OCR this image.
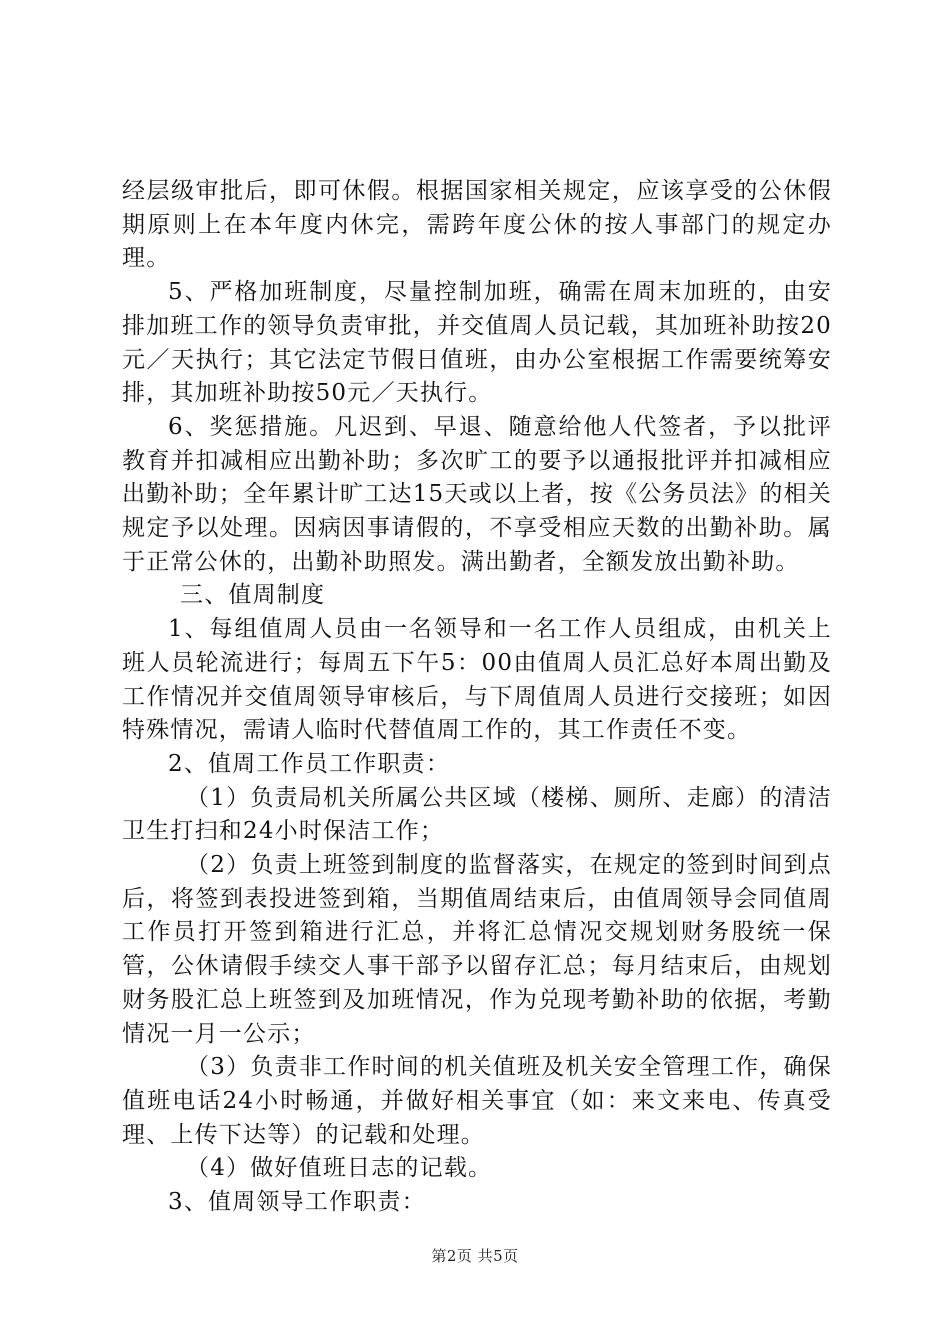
经层级审批后，即可休假。根据国家相关规定，应该享受的公休假期原则上在本年度内休完，需跨年度公休的按人事部门的规定办理。

5、严格加班制度，尽量控制加班，确需在周末加班的，由安排加班工作的领导负责审批，并交值周人员记载，其加班补助按20元／天执行；其它法定节假日值班，由办公室根据工作需要统筹安排，其加班补助按50元／天执行。

6、奖惩措施。凡迟到、早退、随意给他人代签者，予以批评教育并扣减相应出勤补助；多次旷工的要予以通报批评并扣减相应出勤补助；全年累计旷工达15天或以上者，按《公务员法》的相关规定予以处理。因病因事请假的，不享受相应天数的出勤补助。属于正常公休的，出勤补助照发。满出勤者，全额发放出勤补助。

三、值周制度

1、每组值周人员由一名领导和一名工作人员组成，由机关上班人员轮流进行；每周五下午5：00由值周人员汇总好本周出勤及工作情况并交值周领导审核后，与下周值周人员进行交接班；如因特殊情况，需请人临时代替值周工作的，其工作责任不变。

2、值周工作员工作职责：

（1）负责局机关所属公共区域（楼梯、厕所、走廊）的清洁卫生打扫和24小时保洁工作；

（2）负责上班签到制度的监督落实，在规定的签到时间到点后，将签到表投进签到箱，当期值周结束后，由值周领导会同值周工作员打开签到箱进行汇总，并将汇总情况交规划财务股统一保管，公休请假手续交人事干部予以留存汇总；每月结束后，由规划财务股汇总上班签到及加班情况，作为兑现考勤补助的依据，考勤情况一月一公示；

（3）负责非工作时间的机关值班及机关安全管理工作，确保值班电话24小时畅通，并做好相关事宜（如：来文来电、传真受理、上传下达等）的记载和处理。

（4）做好值班日志的记载。

3、值周领导工作职责：

第2页 共5页
